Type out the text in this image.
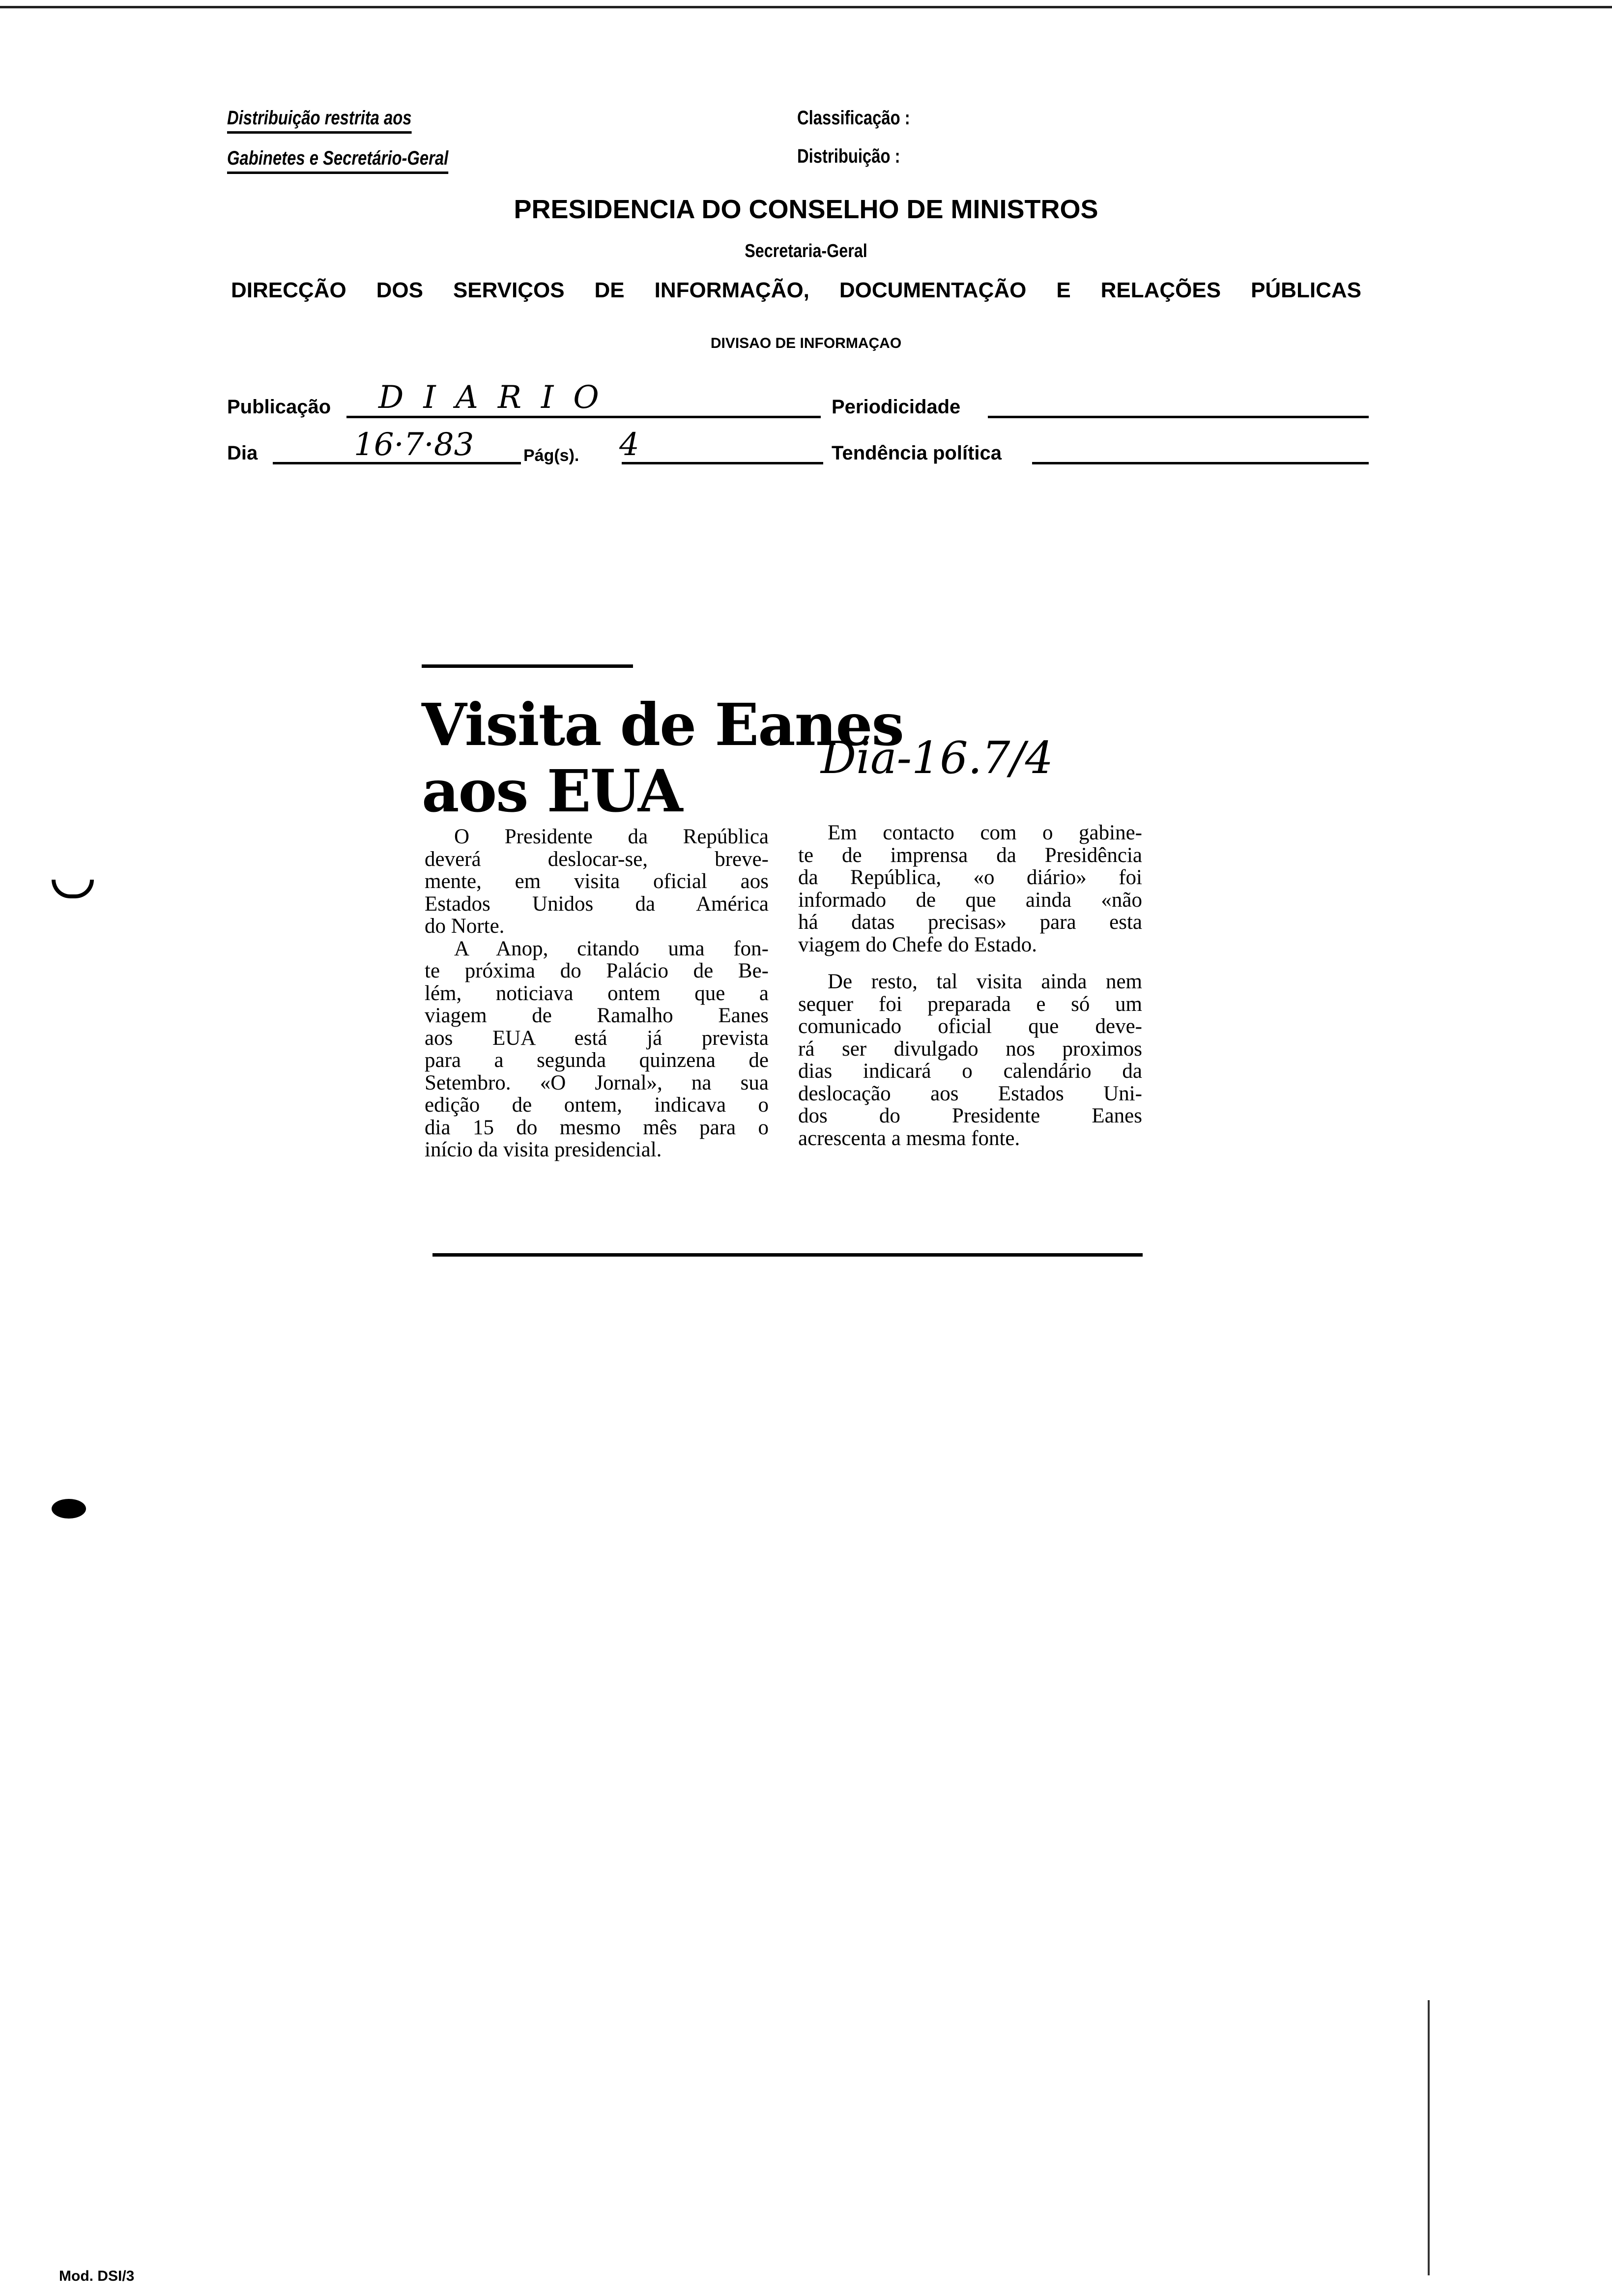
Distribuição restrita aos
Gabinetes e Secretário-Geral
Classificação :
Distribuição :
PRESIDENCIA DO CONSELHO DE MINISTROS
Secretaria-Geral
DIRECÇÃO DOS SERVIÇOS DE INFORMAÇÃO, DOCUMENTAÇÃO E RELAÇÕES PÚBLICAS
DIVISAO DE INFORMAÇAO
Publicação DIARIO	Periodicidade
Dia	16·7·83	Pág(s). 4	Tendência política
Visita de Eanes
aos EUA	Dia-16.7/4
O Presidente da República
deverá deslocar-se, breve-
mente, em visita oficial aos
Estados Unidos da América
do Norte.
A Anop, citando uma fon-
te próxima do Palácio de Be-
lém, noticiava ontem que a
viagem de Ramalho Eanes
aos EUA está já prevista
para a segunda quinzena de
Setembro. «O Jornal», na sua
edição de ontem, indicava o
dia 15 do mesmo mês para o
início da visita presidencial.
Em contacto com o gabine-
te de imprensa da Presidência
da República, «o diário» foi
informado de que ainda «não
há datas precisas» para esta
viagem do Chefe do Estado.
De resto, tal visita ainda nem
sequer foi preparada e só um
comunicado oficial que deve-
rá ser divulgado nos proximos
dias indicará o calendário da
deslocação aos Estados Uni-
dos do Presidente Eanes
acrescenta a mesma fonte.
Mod. DSI/3
